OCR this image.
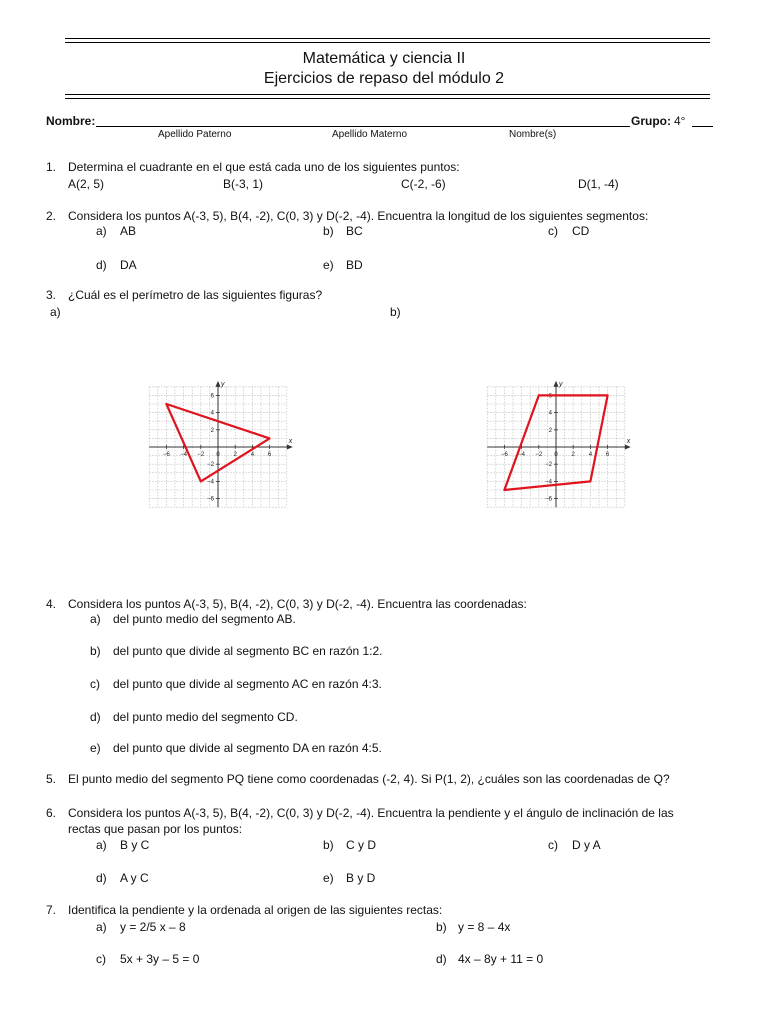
Matemática y ciencia II
Ejercicios de repaso del módulo 2
Nombre:	Grupo: 4°
Apellido Paterno	Apellido Materno	Nombre(s)
1. Determina el cuadrante en el que está cada uno de los siguientes puntos:
A(2, 5)	B(-3, 1)	C(-2, -6)	D(1, -4)
2. Considera los puntos A(-3, 5), B(4, -2), C(0, 3) y D(-2, -4). Encuentra la longitud de los siguientes segmentos:
a) AB	b) BC	c) CD
d) DA	e) BD
3. ¿Cuál es el perímetro de las siguientes figuras?
a)	b)
−6 −4 −2 0 2 4 6
6
4
2
−2
−4
−6
x
y
−6 −4 −2 0 2 4 6
6
4
2
−2
−4
−6
x
y
4. Considera los puntos A(-3, 5), B(4, -2), C(0, 3) y D(-2, -4). Encuentra las coordenadas:
a) del punto medio del segmento AB.
b) del punto que divide al segmento BC en razón 1:2.
c) del punto que divide al segmento AC en razón 4:3.
d) del punto medio del segmento CD.
e) del punto que divide al segmento DA en razón 4:5.
5. El punto medio del segmento PQ tiene como coordenadas (-2, 4). Si P(1, 2), ¿cuáles son las coordenadas de Q?
6. Considera los puntos A(-3, 5), B(4, -2), C(0, 3) y D(-2, -4). Encuentra la pendiente y el ángulo de inclinación de las
rectas que pasan por los puntos:
a) B y C	b) C y D	c) D y A
d) A y C	e) B y D
7. Identifica la pendiente y la ordenada al origen de las siguientes rectas:
a) y = 2/5 x – 8	b) y = 8 – 4x
c) 5x + 3y – 5 = 0	d) 4x – 8y + 11 = 0
